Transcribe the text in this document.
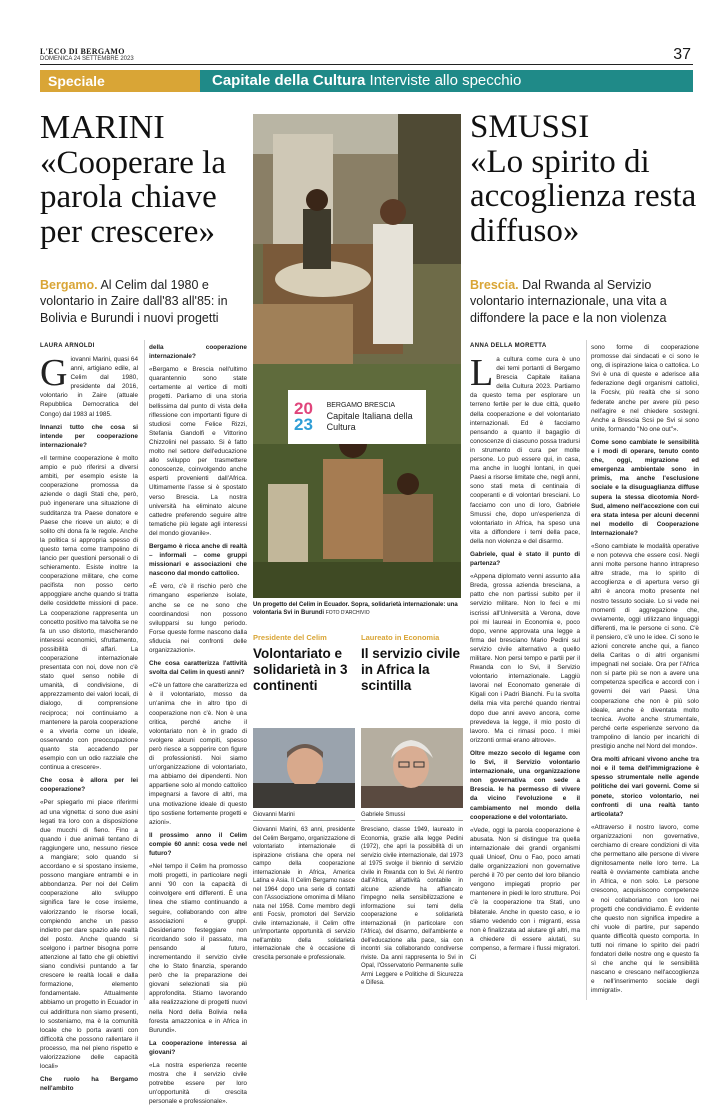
L'ECO DI BERGAMO
DOMENICA 24 SETTEMBRE 2023	37
Speciale	Capitale della Cultura Interviste allo specchio
MARINI
«Cooperare la parola chiave per crescere»
Bergamo. Al Celim dal 1980 e volontario in Zaire dall'83 all'85: in Bolivia e Burundi i nuovi progetti
LAURA ARNOLDI

Giovanni Marini, quasi 64 anni, artigiano edile, al Celim dal 1980, presidente dal 2016, volontario in Zaire (attuale Repubblica Democratica del Congo) dal 1983 al 1985.

Innanzi tutto che cosa si intende per cooperazione internazionale?

«Il termine cooperazione è molto ampio e può riferirsi a diversi ambiti, per esempio esiste la cooperazione promossa da aziende o dagli Stati che, però, può ingenerare una situazione di sudditanza tra Paese donatore e Paese che riceve un aiuto; e di solito chi dona fa le regole. Anche la politica si appropria spesso di questo tema come trampolino di lancio per questioni personali o di schieramento. Esiste inoltre la cooperazione militare, che come pacifista non posso certo appoggiare anche quando si tratta delle cosiddette missioni di pace. La cooperazione rappresenta un concetto positivo ma talvolta se ne fa un uso distorto, mascherando interessi economici, sfruttamento, possibilità di affari. La cooperazione internazionale presentata con noi, dove non c'è stato quel senso nobile di umanità, di condivisione, di apprezzamento dei valori locali, di dialogo, di comprensione reciproca; noi continuiamo a mantenere la parola cooperazione e a viverla come un ideale, osservando con preoccupazione quanto sta accadendo per esempio con un odio razziale che continua a crescere».

Che cosa è allora per lei cooperazione?

«Per spiegarlo mi piace riferirmi ad una vignetta: ci sono due asini legati tra loro con a disposizione due mucchi di fieno. Fino a quando i due animali tentano di raggiungere uno, nessuno riesce a mangiare; solo quando si accordano e si spostano insieme, possono mangiare entrambi e in abbondanza. Per noi del Celim cooperazione allo sviluppo significa fare le cose insieme, valorizzando le risorse locali, compiendo anche un passo indietro per dare spazio alle realtà del posto. Anche quando si scelgono i partner bisogna porre attenzione al fatto che gli obiettivi siano condivisi puntando a far crescere le realtà locali e dalla formazione, elemento fondamentale. Attualmente abbiamo un progetto in Ecuador in cui addirittura non siamo presenti, lo sosteniamo, ma è la comunità locale che lo porta avanti con difficoltà che possono rallentare il processo, ma nel pieno rispetto e valorizzazione delle capacità locali»

Che ruolo ha Bergamo nell'ambito

della cooperazione internazionale?

«Bergamo e Brescia nell'ultimo quarantennio sono state certamente al vertice di molti progetti. Parliamo di una storia bellissima dal punto di vista della riflessione con importanti figure di studiosi come Felice Rizzi, Stefania Gandolfi e Vittorino Chizzolini nel passato. Si è fatto molto nel settore dell'educazione allo sviluppo per trasmettere conoscenze, coinvolgendo anche esperti provenienti dall'Africa. Ultimamente l'asse si è spostato verso Brescia. La nostra università ha eliminato alcune cattedre preferendo seguire altre tematiche più legate agli interessi del mondo giovanile».

Bergamo è ricca anche di realtà – informali – come gruppi missionari e associazioni che nascono dal mondo cattolico.

«È vero, c'è il rischio però che rimangano esperienze isolate, anche se ce ne sono che coordinandosi non possono svilupparsi su lungo periodo. Forse queste forme nascono dalla sfiducia nei confronti delle organizzazioni».

Che cosa caratterizza l'attività svolta dal Celim in questi anni?

«C'è un fattore che caratterizza ed è il volontariato, mosso da un'anima che in altro tipo di cooperazione non c'è. Non è una critica, perché anche il volontariato non è in grado di svolgere alcuni compiti, spesso però riesce a sopperire con figure di professionisti. Noi siamo un'organizzazione di volontariato, ma abbiamo dei dipendenti. Non appartiene solo al mondo cattolico impegnarsi a favore di altri, ma una motivazione ideale di questo tipo sostiene fortemente progetti e azioni».

Il prossimo anno il Celim compie 60 anni: cosa vede nel futuro?

«Nel tempo il Celim ha promosso molti progetti, in particolare negli anni '90 con la capacità di coinvolgere enti differenti. È una linea che stiamo continuando a seguire, collaborando con altre associazioni e gruppi. Desideriamo festeggiare non ricordando solo il passato, ma pensando al futuro, incrementando il servizio civile che lo Stato finanzia, sperando però che la preparazione dei giovani selezionati sia più approfondita. Stiamo lavorando alla realizzazione di progetti nuovi nella Nord della Bolivia nella foresta amazzonica e in Africa in Burundi».

La cooperazione interessa ai giovani?

«La nostra esperienza recente mostra che il servizio civile potrebbe essere per loro un'opportunità di crescita personale e professionale».

20
23
BERGAMO BRESCIA
Capitale Italiana della Cultura
Un progetto del Celim in Ecuador. Sopra, solidarietà internazionale: una volontaria Svi in Burundi FOTO D'ARCHIVIO
Presidente del Celim
Volontariato e solidarietà in 3 continenti
Giovanni Marini
Giovanni Marini, 63 anni, presidente del Celim Bergamo, organizzazione di volontariato internazionale di ispirazione cristiana che opera nel campo della cooperazione internazionale in Africa, America Latina e Asia. Il Celim Bergamo nasce nel 1964 dopo una serie di contatti con l'Associazione omonima di Milano nata nel 1958. Come membro degli enti Focsiv, promotori del Servizio civile internazionale, il Celim offre un'importante opportunità di servizio nell'ambito della solidarietà internazionale che è occasione di crescita personale e professionale.
Laureato in Economia
Il servizio civile in Africa la scintilla
Gabriele Smussi
Bresciano, classe 1949, laureato in Economia, grazie alla legge Pedini (1972), che apri la possibilità di un servizio civile internazionale, dal 1973 al 1975 svolge il biennio di servizio civile in Rwanda con lo Svi. Al rientro dall'Africa, all'attività contabile in alcune aziende ha affiancato l'impegno nella sensibilizzazione e informazione sui temi della cooperazione e solidarietà internazionali (in particolare con l'Africa), del disarmo, dell'ambiente e dell'educazione alla pace, sia con incontri sia collaborando condiverse riviste. Da anni rappresenta lo Svi in Opal, l'Osservatorio Permanente sulle Armi Leggere e Politiche di Sicurezza e Difesa.
SMUSSI
«Lo spirito di accoglienza resta diffuso»
Brescia. Dal Rwanda al Servizio volontario internazionale, una vita a diffondere la pace e la non violenza
ANNA DELLA MORETTA

La cultura come cura è uno dei temi portanti di Bergamo Brescia Capitale italiana della Cultura 2023. Partiamo da questo tema per esplorare un terreno fertile per le due città, quello della cooperazione e del volontariato internazionali. Ed è facciamo pensando a quanto il bagaglio di conoscenze di ciascuno possa tradursi in strumento di cura per molte persone. Lo può essere qui, in casa, ma anche in luoghi lontani, in quei Paesi a risorse limitate che, negli anni, sono stati meta di centinaia di cooperanti e di volontari bresciani. Lo facciamo con uno di loro, Gabriele Smussi che, dopo un'esperienza di volontariato in Africa, ha speso una vita a diffondere i temi della pace, della non violenza e del disarmo.

Gabriele, qual è stato il punto di partenza?

«Appena diplomato venni assunto alla Breda, grossa azienda bresciana, a patto che non partissi subito per il servizio militare. Non lo feci e mi iscrissi all'Università a Verona, dove poi mi laureai in Economia e, poco dopo, venne approvata una legge a firma del bresciano Mario Pedini sul servizio civile alternativo a quello militare. Non persi tempo e partii per il Rwanda con lo Svi, il Servizio volontario internazionale. Laggiù lavorai nel Economato generale di Kigali con i Padri Bianchi. Fu la svolta della mia vita perché quando rientrai dopo due anni avevo ancora, come prevedeva la legge, il mio posto di lavoro. Ma ci rimasi poco. I miei orizzonti ormai erano altrove».

Oltre mezzo secolo di legame con lo Svi, il Servizio volontario internazionale, una organizzazione non governativa con sede a Brescia. le ha permesso di vivere da vicino l'evoluzione e il cambiamento nel mondo della cooperazione e del volontariato.

«Vede, oggi la parola cooperazione è abusata. Non si distingue tra quella internazionale dei grandi organismi quali Unicef, Onu o Fao, poco amati dalle organizzazioni non governative perché il 70 per cento del loro bilancio vengono impiegati proprio per mantenere in piedi le loro strutture. Poi c'è la cooperazione tra Stati, uno bilaterale. Anche in questo caso, e io stiamo vedendo con i migranti, essa non è finalizzata ad aiutare gli altri, ma a chiedere di essere aiutati, su compenso, a fermare i flussi migratori. Ci

sono forme di cooperazione promosse dai sindacati e ci sono le ong, di ispirazione laica o cattolica. Lo Svi è una di queste e aderisce alla federazione degli organismi cattolici, la Focsiv, più realtà che si sono federate anche per avere più peso nell'agire e nel chiedere sostegni. Anche a Brescia Scsi pe Svi si sono unite, formando "No one out"».

Come sono cambiate le sensibilità e i modi di operare, tenuto conto che, oggi, migrazione ed emergenza ambientale sono in primis, ma anche l'esclusione sociale e la disuguaglianza diffuse supera la stessa dicotomia Nord-Sud, almeno nell'accezione con cui era stata intesa per alcuni decenni nel modello di Cooperazione Internazionale?

«Sono cambiate le modalità operative e non potevva che essere così. Negli anni molte persone hanno intrapreso altre strade, ma lo spirito di accoglienza e di apertura verso gli altri è ancora molto presente nel nostro tessuto sociale. Lo si vede nei momenti di aggregazione che, ovviamente, oggi utilizzano linguaggi differenti, ma le persone ci sono. C'è il pensiero, c'è uno le idee. Ci sono le azioni concrete anche qui, a fianco della Caritas o di altri organismi impegnati nel sociale. Ora per l'Africa non si parte più se non a avere una competenza specifica e accordi con i governi dei vari Paesi. Una cooperazione che non è più solo ideale, anche è diventata molto tecnica. Avolte anche strumentale, perché certe esperienze servono da trampolino di lancio per incarichi di prestigio anche nel Nord del mondo».

Ora molti africani vivono anche tra noi e il tema dell'immigrazione è spesso strumentale nelle agende politiche dei vari governi. Come si ponete, storico volontario, nei confronti di una realtà tanto articolata?

«Attraverso il nostro lavoro, come organizzazioni non governative, cerchiamo di creare condizioni di vita che permettano alle persone di vivere dignitosamente nelle loro terre. La realtà è ovviamente cambiata anche in Africa, e non solo. Le persone crescono, acquisiscono competenze e noi collaboriamo con loro nei progetti che condividiamo. È evidente che questo non significa impedire a chi vuole di partire, pur sapendo quante difficoltà questo comporta. In tutti noi rimane lo spirito dei padri fondatori delle nostre ong e questo fa sì che anche qui le sensibilità nascano e crescano nell'accoglienza e nell'inserimento sociale degli immigrati».
